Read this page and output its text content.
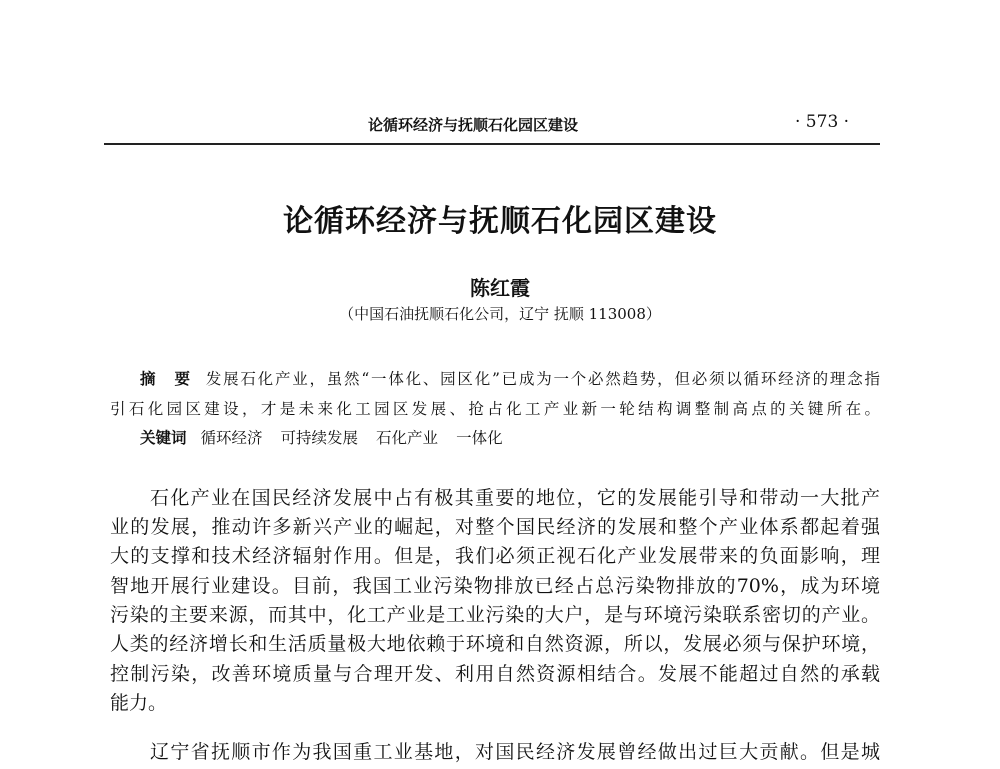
论循环经济与抚顺石化园区建设	· 573 ·
论循环经济与抚顺石化园区建设
陈红霞
（中国石油抚顺石化公司，辽宁 抚顺 113008）
摘　要 发展石化产业，虽然“一体化、园区化”已成为一个必然趋势，但必须以循环经济的理念指
引石化园区建设，才是未来化工园区发展、抢占化工产业新一轮结构调整制高点的关键所在。
关键词 循环经济 可持续发展 石化产业 一体化
石化产业在国民经济发展中占有极其重要的地位，它的发展能引导和带动一大批产
业的发展，推动许多新兴产业的崛起，对整个国民经济的发展和整个产业体系都起着强
大的支撑和技术经济辐射作用。但是，我们必须正视石化产业发展带来的负面影响，理
智地开展行业建设。目前，我国工业污染物排放已经占总污染物排放的70%，成为环境
污染的主要来源，而其中，化工产业是工业污染的大户，是与环境污染联系密切的产业。
人类的经济增长和生活质量极大地依赖于环境和自然资源，所以，发展必须与保护环境，
控制污染，改善环境质量与合理开发、利用自然资源相结合。发展不能超过自然的承载
能力。
辽宁省抚顺市作为我国重工业基地，对国民经济发展曾经做出过巨大贡献。但是城
